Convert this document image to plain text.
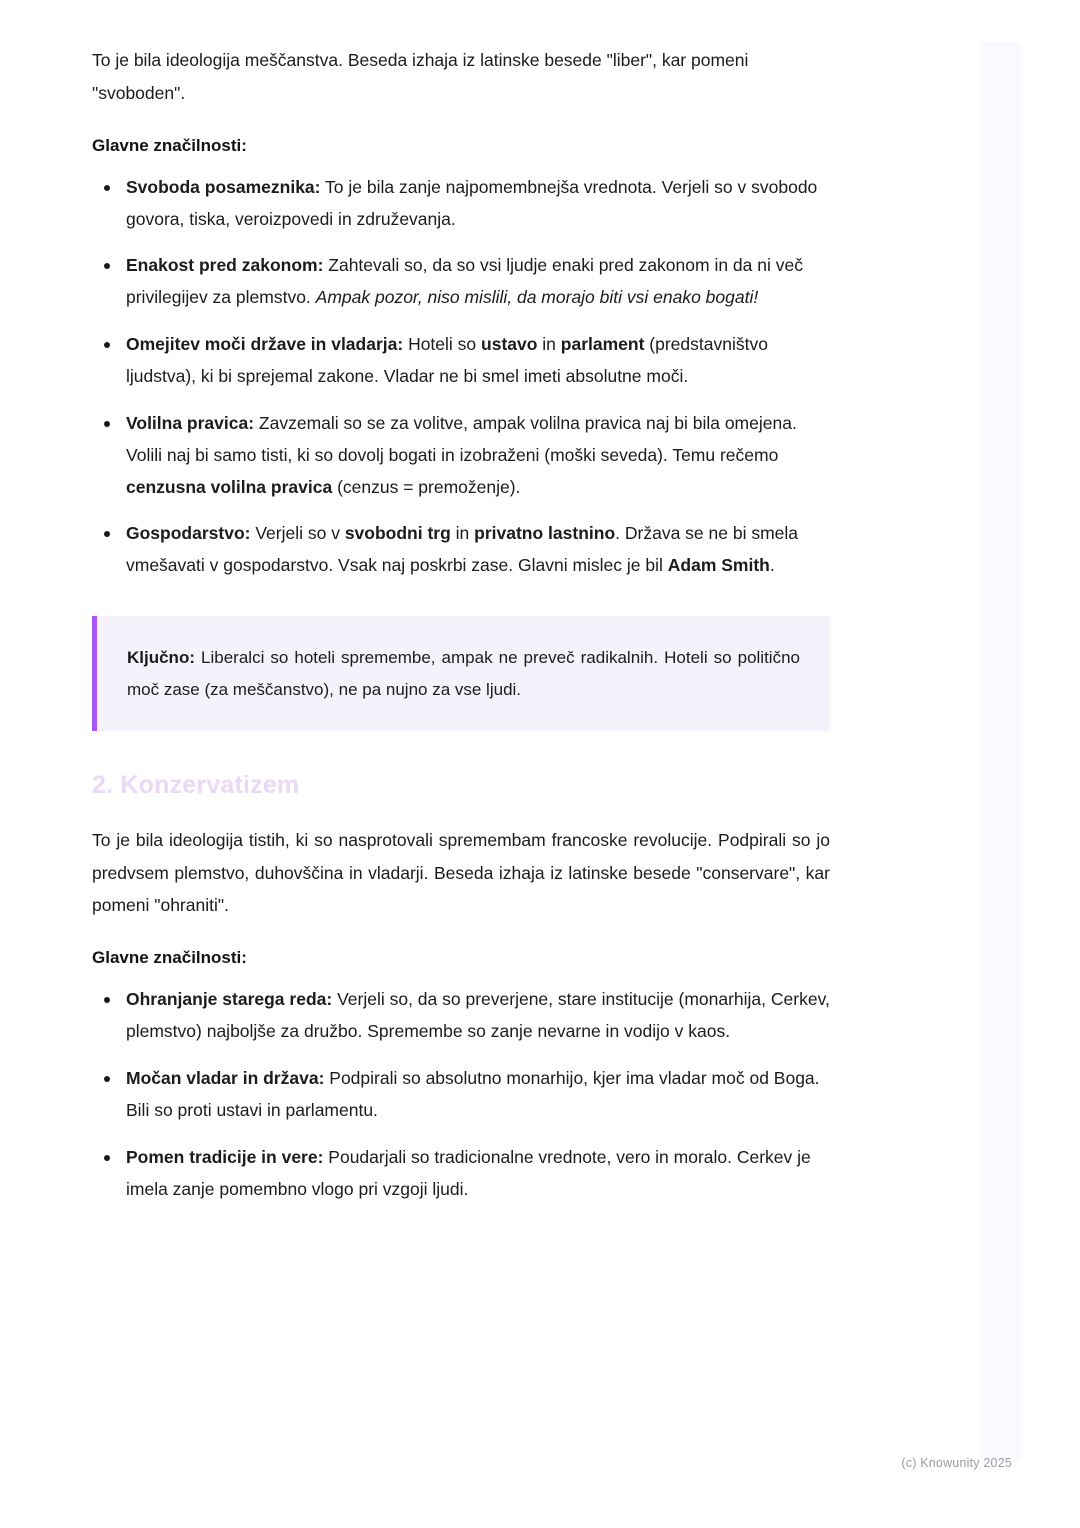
To je bila ideologija meščanstva. Beseda izhaja iz latinske besede "liber", kar pomeni "svoboden".

Glavne značilnosti:

Svoboda posameznika: To je bila zanje najpomembnejša vrednota. Verjeli so v svobodo govora, tiska, veroizpovedi in združevanja.
Enakost pred zakonom: Zahtevali so, da so vsi ljudje enaki pred zakonom in da ni več privilegijev za plemstvo. Ampak pozor, niso mislili, da morajo biti vsi enako bogati!
Omejitev moči države in vladarja: Hoteli so ustavo in parlament (predstavništvo ljudstva), ki bi sprejemal zakone. Vladar ne bi smel imeti absolutne moči.
Volilna pravica: Zavzemali so se za volitve, ampak volilna pravica naj bi bila omejena. Volili naj bi samo tisti, ki so dovolj bogati in izobraženi (moški seveda). Temu rečemo cenzusna volilna pravica (cenzus = premoženje).
Gospodarstvo: Verjeli so v svobodni trg in privatno lastnino. Država se ne bi smela vmešavati v gospodarstvo. Vsak naj poskrbi zase. Glavni mislec je bil Adam Smith.
Ključno: Liberalci so hoteli spremembe, ampak ne preveč radikalnih. Hoteli so politično moč zase (za meščanstvo), ne pa nujno za vse ljudi.
2. Konzervatizem

To je bila ideologija tistih, ki so nasprotovali spremembam francoske revolucije. Podpirali so jo predvsem plemstvo, duhovščina in vladarji. Beseda izhaja iz latinske besede "conservare", kar pomeni "ohraniti".

Glavne značilnosti:

Ohranjanje starega reda: Verjeli so, da so preverjene, stare institucije (monarhija, Cerkev, plemstvo) najboljše za družbo. Spremembe so zanje nevarne in vodijo v kaos.
Močan vladar in država: Podpirali so absolutno monarhijo, kjer ima vladar moč od Boga. Bili so proti ustavi in parlamentu.
Pomen tradicije in vere: Poudarjali so tradicionalne vrednote, vero in moralo. Cerkev je imela zanje pomembno vlogo pri vzgoji ljudi.
(c) Knowunity 2025
